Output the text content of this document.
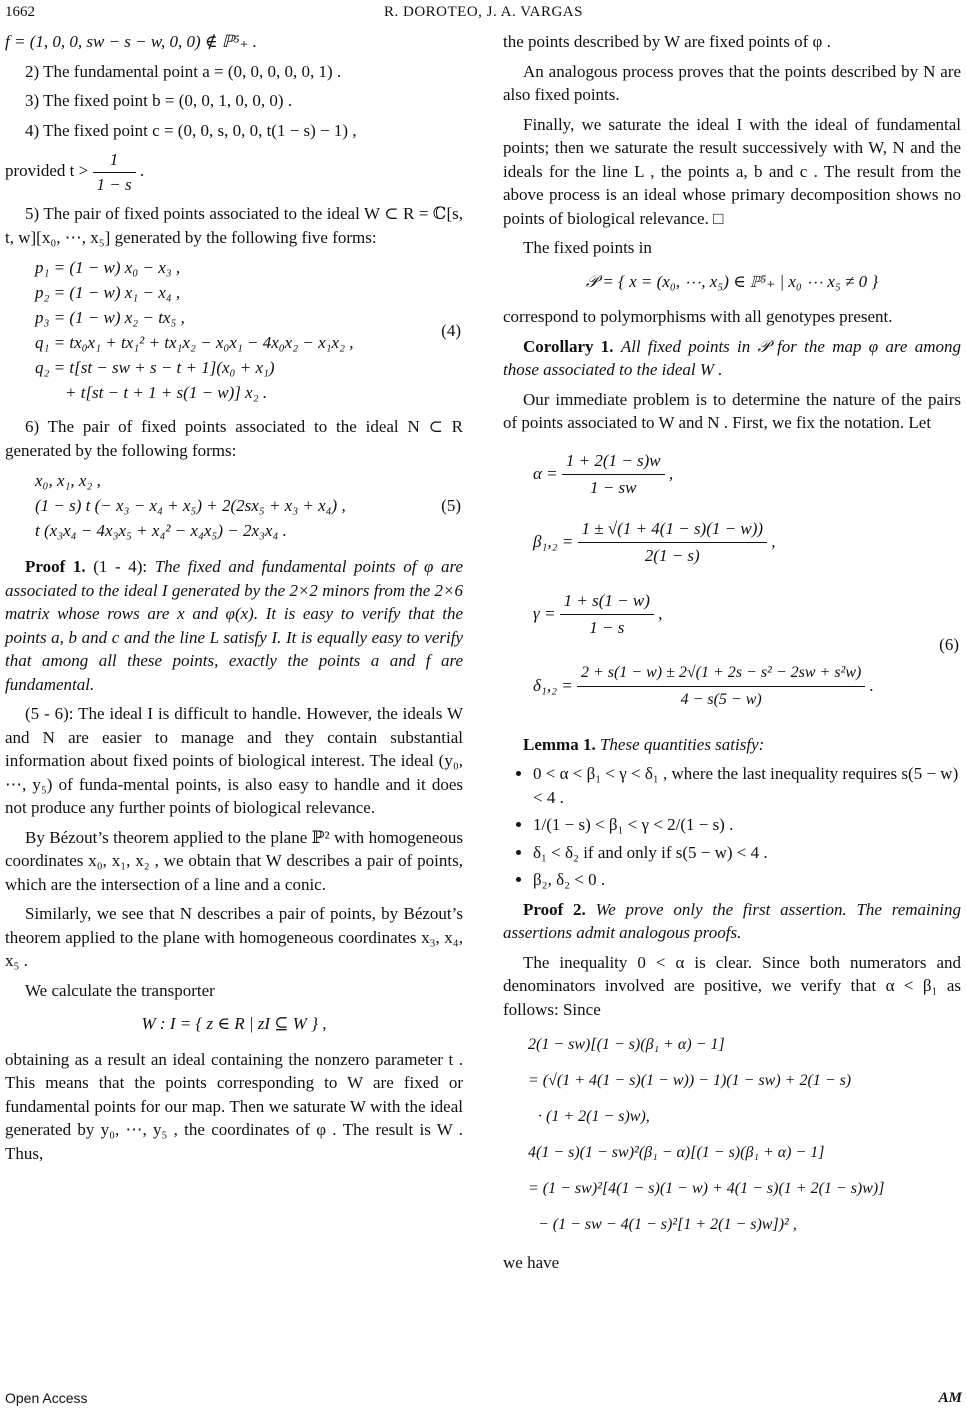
1662	R. DOROTEO, J. A. VARGAS

f = (1, 0, 0, sw − s − w, 0, 0) ∉ ℙ⁵₊ .

2) The fundamental point a = (0, 0, 0, 0, 0, 1) .

3) The fixed point b = (0, 0, 1, 0, 0, 0) .

4) The fixed point c = (0, 0, s, 0, 0, t(1 − s) − 1) ,

provided $t > \frac{1}{1 - s}$ .

5) The pair of fixed points associated to the ideal W ⊂ R = ℂ[s, t, w][x₀, ⋯, x₅] generated by the following five forms:

(4)
p₁ = (1 − w) x₀ − x₃ ,
p₂ = (1 − w) x₁ − x₄ ,
p₃ = (1 − w) x₂ − tx₅ ,
q₁ = tx₀x₁ + tx₁² + tx₁x₂ − x₀x₁ − 4x₀x₂ − x₁x₂ ,
q₂ = t[st − sw + s − t + 1](x₀ + x₁)
+ t[st − t + 1 + s(1 − w)] x₂ .

6) The pair of fixed points associated to the ideal N ⊂ R generated by the following forms:

(5)
x₀, x₁, x₂ ,
(1 − s) t (− x₃ − x₄ + x₅) + 2(2sx₅ + x₃ + x₄) ,
t (x₃x₄ − 4x₃x₅ + x₄² − x₄x₅) − 2x₃x₄ .

Proof 1. (1 - 4): The fixed and fundamental points of φ are associated to the ideal I generated by the 2×2 minors from the 2×6 matrix whose rows are x and φ(x). It is easy to verify that the points a, b and c and the line L satisfy I. It is equally easy to verify that among all these points, exactly the points a and f are fundamental.

(5 - 6): The ideal I is difficult to handle. However, the ideals W and N are easier to manage and they contain substantial information about fixed points of biological interest. The ideal (y₀, ⋯, y₅) of funda-mental points, is also easy to handle and it does not produce any further points of biological relevance.

By Bézout’s theorem applied to the plane ℙ² with homogeneous coordinates x₀, x₁, x₂ , we obtain that W describes a pair of points, which are the intersection of a line and a conic.

Similarly, we see that N describes a pair of points, by Bézout’s theorem applied to the plane with homogeneous coordinates x₃, x₄, x₅ .

We calculate the transporter

W : I = { z ∈ R | zI ⊆ W } ,

obtaining as a result an ideal containing the nonzero parameter t . This means that the points corresponding to W are fixed or fundamental points for our map. Then we saturate W with the ideal generated by y₀, ⋯, y₅ , the coordinates of φ . The result is W . Thus,

the points described by W are fixed points of φ .

An analogous process proves that the points described by N are also fixed points.

Finally, we saturate the ideal I with the ideal of fundamental points; then we saturate the result successively with W, N and the ideals for the line L , the points a, b and c . The result from the above process is an ideal whose primary decomposition shows no points of biological relevance. □

The fixed points in

𝒫 = { x = (x₀, ⋯, x₅) ∈ ℙ⁵₊ | x₀ ⋯ x₅ ≠ 0 }

correspond to polymorphisms with all genotypes present.

Corollary 1. All fixed points in 𝒫 for the map φ are among those associated to the ideal W .

Our immediate problem is to determine the nature of the pairs of points associated to W and N . First, we fix the notation. Let

(6)
$\alpha = \frac{1 + 2(1 - s)w}{1 - sw}$ ,
$\beta_1,_2 = \frac{1 \pm √(1 + 4(1 - s)(1 - w))}{2(1 - s)}$ ,
$\gamma = \frac{1 + s(1 - w)}{1 - s}$ ,
$\delta_1,_2 = \frac{\text{2 + s(1 − w) ± 2√(1 + 2s − s² − 2sw + s²w)}}{4 - s(5 - w)}$ .

Lemma 1. These quantities satisfy:

• 0 < α < β₁ < γ < δ₁ , where the last inequality requires s(5 − w) < 4 .
• 1/(1 − s) < β₁ < γ < 2/(1 − s) .
• δ₁ < δ₂ if and only if s(5 − w) < 4 .
• β₂, δ₂ < 0 .

Proof 2. We prove only the first assertion. The remaining assertions admit analogous proofs.

The inequality 0 < α is clear. Since both numerators and denominators involved are positive, we verify that α < β₁ as follows: Since

2(1 − sw)[(1 − s)(β₁ + α) − 1]
= (√(1 + 4(1 − s)(1 − w)) − 1)(1 − sw) + 2(1 − s)
· (1 + 2(1 − s)w),
4(1 − s)(1 − sw)²(β₁ − α)[(1 − s)(β₁ + α) − 1]
= (1 − sw)²[4(1 − s)(1 − w) + 4(1 − s)(1 + 2(1 − s)w)]
− (1 − sw − 4(1 − s)²[1 + 2(1 − s)w])² ,

we have

Open Access	AM
